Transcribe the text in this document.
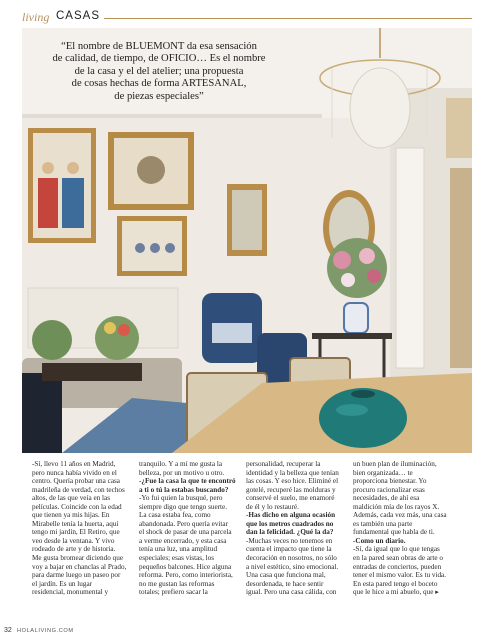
living CASAS
“El nombre de BLUEMONT da esa sensación
de calidad, de tiempo, de OFICIO… Es el nombre
de la casa y el del atelier; una propuesta
de cosas hechas de forma ARTESANAL,
de piezas especiales”
-Sí, llevo 11 años en Madrid,
pero nunca había vivido en el
centro. Quería probar una casa
madrileña de verdad, con techos
altos, de las que veía en las
películas. Coincide con la edad
que tienen ya mis hijas. En
Mirabelle tenía la huerta, aquí
tengo mi jardín, El Retiro, que
veo desde la ventana. Y vivo
rodeado de arte y de historia.
Me gusta bromear diciendo que
voy a bajar en chanclas al Prado,
para darme luego un paseo por
el jardín. Es un lugar
residencial, monumental y
tranquilo. Y a mí me gusta la
belleza, por un motivo u otro.
-¿Fue la casa la que te encontró
a ti o tú la estabas buscando?
-Yo fui quien la busqué, pero
siempre digo que tengo suerte.
La casa estaba fea, como
abandonada. Pero quería evitar
el shock de pasar de una parcela
a verme encerrado, y esta casa
tenía una luz, una amplitud
especiales; esas vistas, los
pequeños balcones. Hice alguna
reforma. Pero, como interiorista,
no me gustan las reformas
totales; prefiero sacar la
personalidad, recuperar la
identidad y la belleza que tenían
las cosas. Y eso hice. Eliminé el
gotelé, recuperé las molduras y
conservé el suelo, me enamoré
de él y lo restauré.
-Has dicho en alguna ocasión
que los metros cuadrados no
dan la felicidad. ¿Qué la da?
-Muchas veces no tenemos en
cuenta el impacto que tiene la
decoración en nosotros, no sólo
a nivel estético, sino emocional.
Una casa que funciona mal,
desordenada, te hace sentir
igual. Pero una casa cálida, con
un buen plan de iluminación,
bien organizada… te
proporciona bienestar. Yo
procuro racionalizar esas
necesidades, de ahí esa
maldición mía de los rayos X.
Además, cada vez más, una casa
es también una parte
fundamental que habla de ti.
-Como un diario.
-Sí, da igual que lo que tengas
en la pared sean obras de arte o
entradas de conciertos, pueden
tener el mismo valor. Es tu vida.
En esta pared tengo el boceto
que le hice a mi abuelo, que ▸
32 HOLALIVING.COM
